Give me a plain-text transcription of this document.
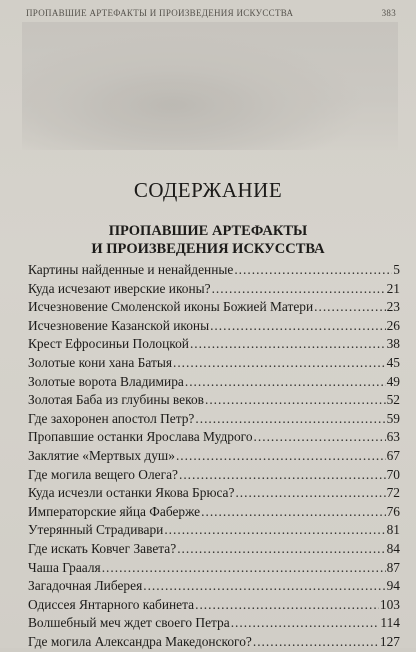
ПРОПАВШИЕ АРТЕФАКТЫ И ПРОИЗВЕДЕНИЯ ИСКУССТВА	383
СОДЕРЖАНИЕ
ПРОПАВШИЕ АРТЕФАКТЫ
И ПРОИЗВЕДЕНИЯ ИСКУССТВА
Картины найденные и ненайденные .....	5
Куда исчезают иверские иконы? .....	21
Исчезновение Смоленской иконы Божией Матери .....	23
Исчезновение Казанской иконы .....	26
Крест Ефросиньи Полоцкой .....	38
Золотые кони хана Батыя .....	45
Золотые ворота Владимира .....	49
Золотая Баба из глубины веков .....	52
Где захоронен апостол Петр? .....	59
Пропавшие останки Ярослава Мудрого .....	63
Заклятие «Мертвых душ» .....	67
Где могила вещего Олега? .....	70
Куда исчезли останки Якова Брюса? .....	72
Императорские яйца Фаберже .....	76
Утерянный Страдивари .....	81
Где искать Ковчег Завета? .....	84
Чаша Грааля .....	87
Загадочная Либерея .....	94
Одиссея Янтарного кабинета .....	103
Волшебный меч ждет своего Петра .....	114
Где могила Александра Македонского? .....	127
